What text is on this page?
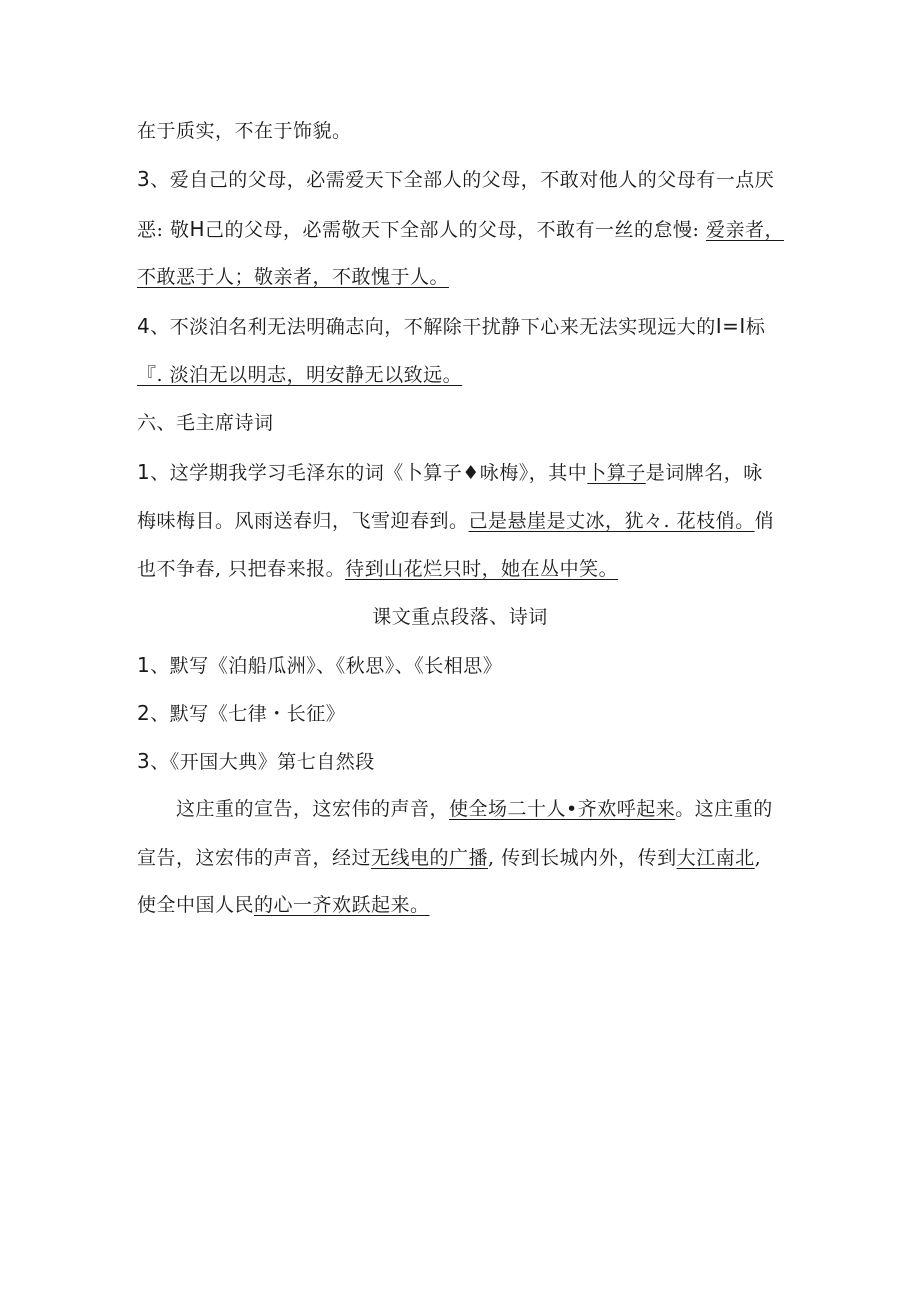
在于质实，不在于饰貌。
3、爱自己的父母，必需爱天下全部人的父母，不敢对他人的父母有一点厌
恶: 敬H己的父母，必需敬天下全部人的父母，不敢有一丝的怠慢: 爱亲者，
不敢恶于人；敬亲者，不敢愧于人。
4、不淡泊名利无法明确志向，不解除干扰静下心来无法实现远大的I=I标
『. 淡泊无以明志，明安静无以致远。
六、毛主席诗词
1、这学期我学习毛泽东的词《卜算子♦咏梅》，其中卜算子是词牌名，咏
梅味梅目。风雨送春归，飞雪迎春到。己是悬崖是丈冰，犹々. 花枝俏。俏
也不争春, 只把春来报。待到山花烂只时，她在丛中笑。
课文重点段落、诗词
1、默写《泊船瓜洲》、《秋思》、《长相思》
2、默写《七律・长征》
3、《开国大典》第七自然段
这庄重的宣告，这宏伟的声音，使全场二十人•齐欢呼起来。这庄重的
宣告，这宏伟的声音，经过无线电的广播, 传到长城内外，传到大江南北,
使全中国人民的心一齐欢跃起来。
